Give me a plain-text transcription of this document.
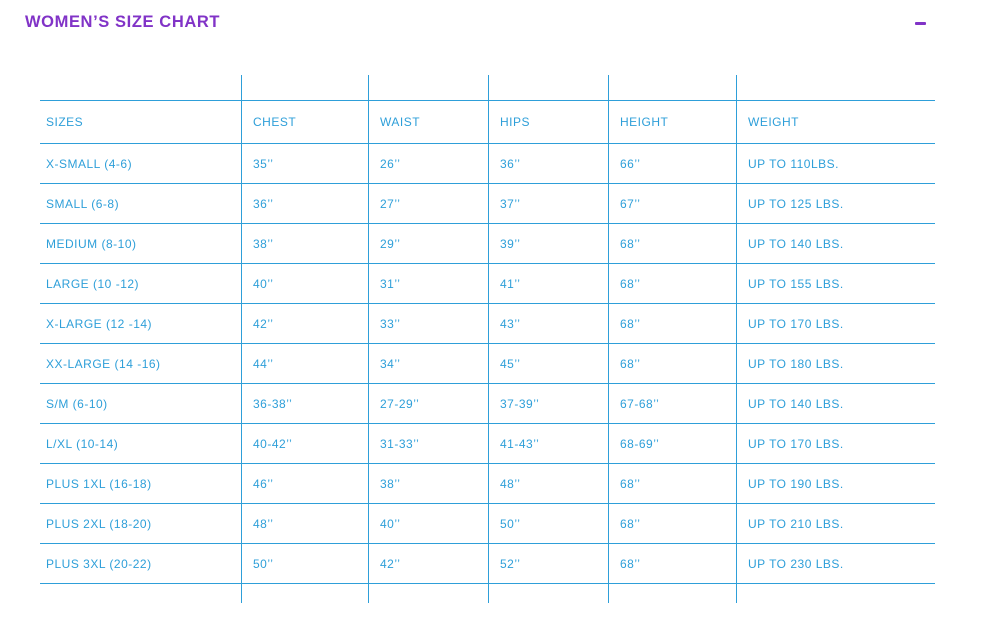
WOMEN’S SIZE CHART
SIZES	CHEST	WAIST	HIPS	HEIGHT	WEIGHT
X-SMALL (4-6)	35’’	26’’	36’’	66’’	UP TO 110LBS.
SMALL (6-8)	36’’	27’’	37’’	67’’	UP TO 125 LBS.
MEDIUM (8-10)	38’’	29’’	39’’	68’’	UP TO 140 LBS.
LARGE (10 -12)	40’’	31’’	41’’	68’’	UP TO 155 LBS.
X-LARGE (12 -14)	42’’	33’’	43’’	68’’	UP TO 170 LBS.
XX-LARGE (14 -16)	44’’	34’’	45’’	68’’	UP TO 180 LBS.
S/M (6-10)	36-38’’	27-29’’	37-39’’	67-68’’	UP TO 140 LBS.
L/XL (10-14)	40-42’’	31-33’’	41-43’’	68-69’’	UP TO 170 LBS.
PLUS 1XL (16-18)	46’’	38’’	48’’	68’’	UP TO 190 LBS.
PLUS 2XL (18-20)	48’’	40’’	50’’	68’’	UP TO 210 LBS.
PLUS 3XL (20-22)	50’’	42’’	52’’	68’’	UP TO 230 LBS.
